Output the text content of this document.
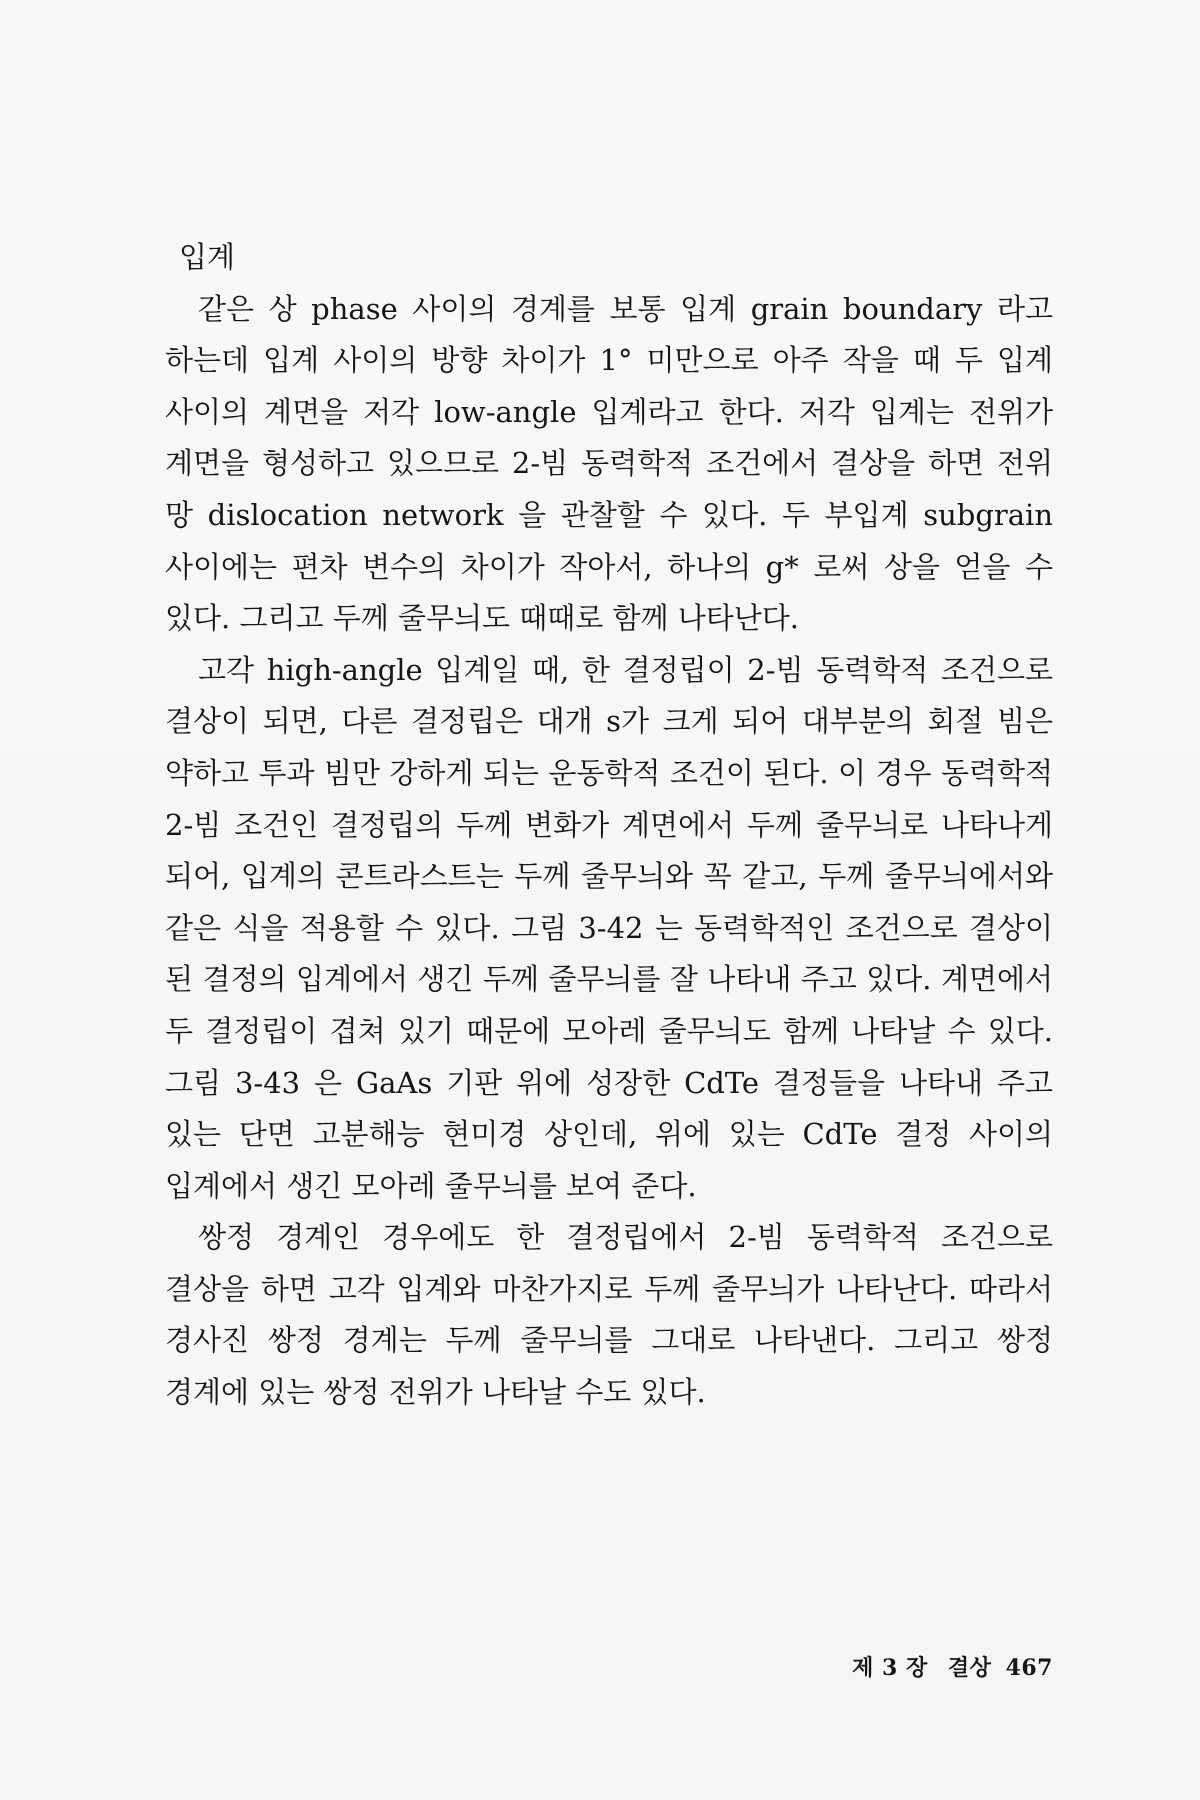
입계

같은 상 phase 사이의 경계를 보통 입계 grain boundary 라고 하는데 입계 사이의 방향 차이가 1° 미만으로 아주 작을 때 두 입계 사이의 계면을 저각 low-angle 입계라고 한다. 저각 입계는 전위가 계면을 형성하고 있으므로 2-빔 동력학적 조건에서 결상을 하면 전위 망 dislocation network 을 관찰할 수 있다. 두 부입계 subgrain 사이에는 편차 변수의 차이가 작아서, 하나의 g* 로써 상을 얻을 수 있다. 그리고 두께 줄무늬도 때때로 함께 나타난다.

고각 high-angle 입계일 때, 한 결정립이 2-빔 동력학적 조건으로 결상이 되면, 다른 결정립은 대개 s가 크게 되어 대부분의 회절 빔은 약하고 투과 빔만 강하게 되는 운동학적 조건이 된다. 이 경우 동력학적 2-빔 조건인 결정립의 두께 변화가 계면에서 두께 줄무늬로 나타나게 되어, 입계의 콘트라스트는 두께 줄무늬와 꼭 같고, 두께 줄무늬에서와 같은 식을 적용할 수 있다. 그림 3-42 는 동력학적인 조건으로 결상이 된 결정의 입계에서 생긴 두께 줄무늬를 잘 나타내 주고 있다. 계면에서 두 결정립이 겹쳐 있기 때문에 모아레 줄무늬도 함께 나타날 수 있다. 그림 3-43 은 GaAs 기판 위에 성장한 CdTe 결정들을 나타내 주고 있는 단면 고분해능 현미경 상인데, 위에 있는 CdTe 결정 사이의 입계에서 생긴 모아레 줄무늬를 보여 준다.

쌍정 경계인 경우에도 한 결정립에서 2-빔 동력학적 조건으로 결상을 하면 고각 입계와 마찬가지로 두께 줄무늬가 나타난다. 따라서 경사진 쌍정 경계는 두께 줄무늬를 그대로 나타낸다. 그리고 쌍정 경계에 있는 쌍정 전위가 나타날 수도 있다.

제 3 장 결상 467
